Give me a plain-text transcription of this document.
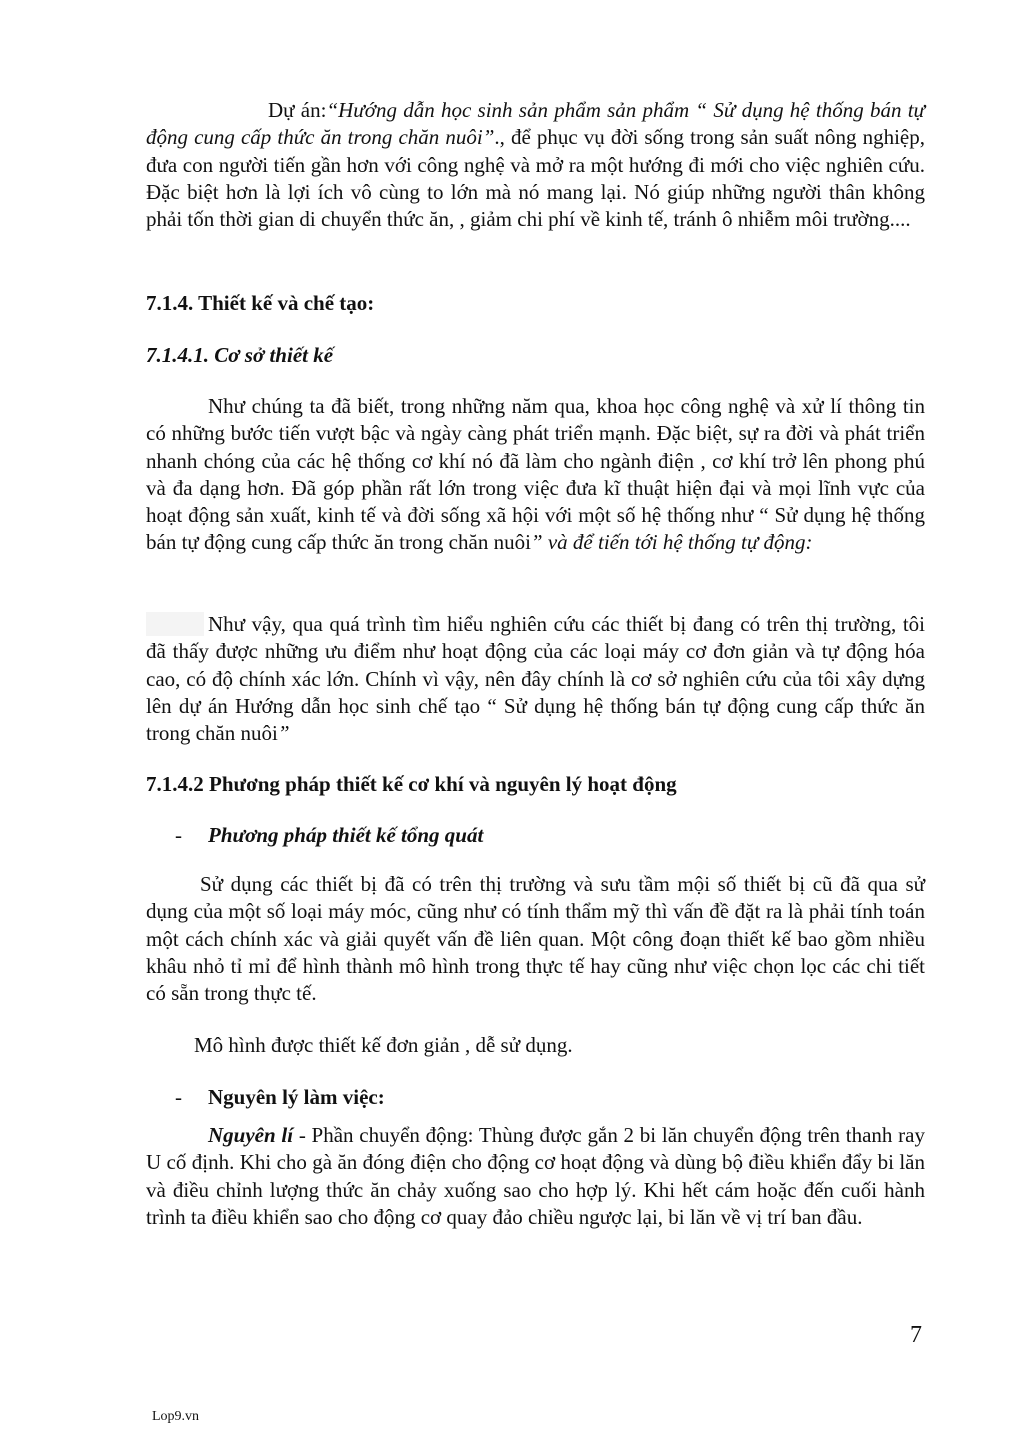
Dự án:“Hướng dẫn học sinh sản phẩm sản phẩm “ Sử dụng hệ thống bán tự động cung cấp thức ăn trong chăn nuôi”., để phục vụ đời sống trong sản suất nông nghiệp, đưa con người tiến gần hơn với công nghệ và mở ra một hướng đi mới cho việc nghiên cứu. Đặc biệt hơn là lợi ích vô cùng to lớn mà nó mang lại. Nó giúp những người thân không phải tốn thời gian di chuyển thức ăn, , giảm chi phí về kinh tế, tránh ô nhiễm môi trường....

7.1.4. Thiết kế và chế tạo:

7.1.4.1. Cơ sở thiết kế

Như chúng ta đã biết, trong những năm qua, khoa học công nghệ và xử lí thông tin có những bước tiến vượt bậc và ngày càng phát triển mạnh. Đặc biệt, sự ra đời và phát triển nhanh chóng của các hệ thống cơ khí nó đã làm cho ngành điện , cơ khí trở lên phong phú và đa dạng hơn. Đã góp phần rất lớn trong việc đưa kĩ thuật hiện đại và mọi lĩnh vực của hoạt động sản xuất, kinh tế và đời sống xã hội với một số hệ thống như “ Sử dụng hệ thống bán tự động cung cấp thức ăn trong chăn nuôi” và để tiến tới hệ thống tự động:

Như vậy, qua quá trình tìm hiểu nghiên cứu các thiết bị đang có trên thị trường, tôi đã thấy được những ưu điểm như hoạt động của các loại máy cơ đơn giản và tự động hóa cao, có độ chính xác lớn. Chính vì vậy, nên đây chính là cơ sở nghiên cứu của tôi xây dựng lên dự án Hướng dẫn học sinh chế tạo “ Sử dụng hệ thống bán tự động cung cấp thức ăn trong chăn nuôi”

7.1.4.2 Phương pháp thiết kế cơ khí và nguyên lý hoạt động

- Phương pháp thiết kế tổng quát

Sử dụng các thiết bị đã có trên thị trường và sưu tầm mội số thiết bị cũ đã qua sử dụng của một số loại máy móc, cũng như có tính thẩm mỹ thì vấn đề đặt ra là phải tính toán một cách chính xác và giải quyết vấn đề liên quan. Một công đoạn thiết kế bao gồm nhiều khâu nhỏ tỉ mỉ để hình thành mô hình trong thực tế hay cũng như việc chọn lọc các chi tiết có sẵn trong thực tế.

Mô hình được thiết kế đơn giản , dễ sử dụng.

- Nguyên lý làm việc:

Nguyên lí - Phần chuyển động: Thùng được gắn 2 bi lăn chuyển động trên thanh ray U cố định. Khi cho gà ăn đóng điện cho động cơ hoạt động và dùng bộ điều khiển đẩy bi lăn và điều chỉnh lượng thức ăn chảy xuống sao cho hợp lý. Khi hết cám hoặc đến cuối hành trình ta điều khiển sao cho động cơ quay đảo chiều ngược lại, bi lăn về vị trí ban đầu.

7
Lop9.vn
